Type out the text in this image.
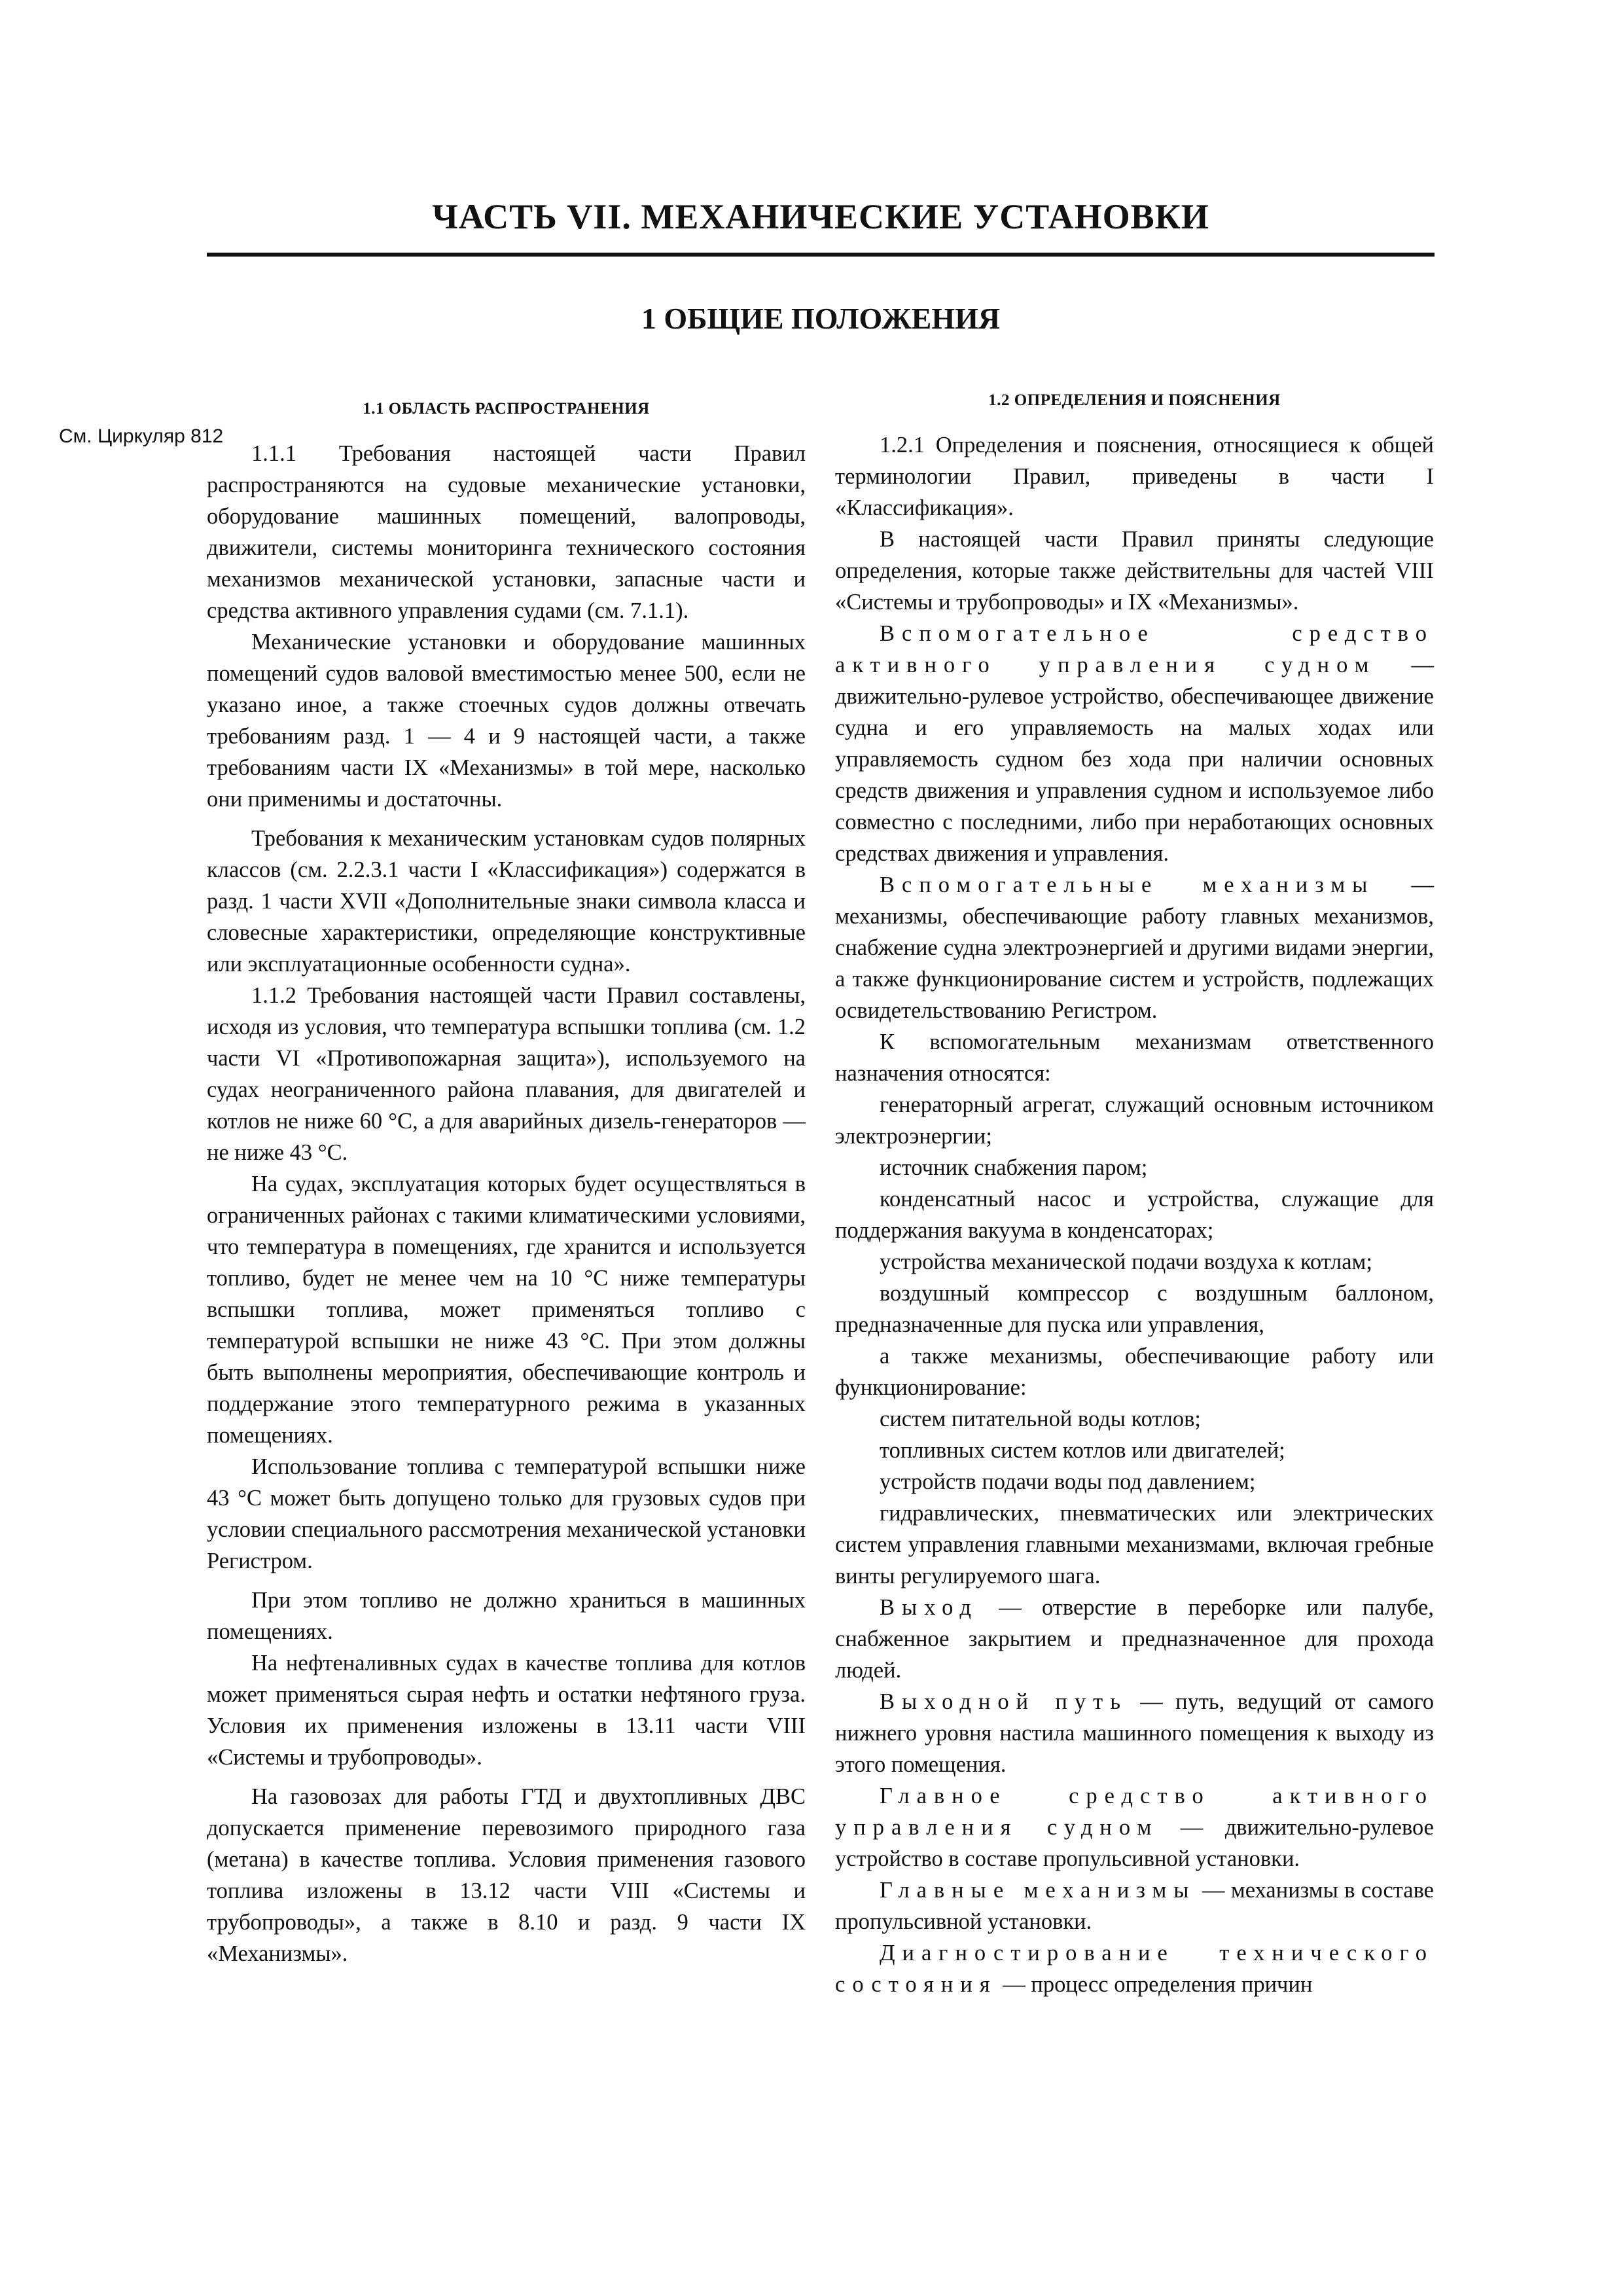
ЧАСТЬ VII. МЕХАНИЧЕСКИЕ УСТАНОВКИ
1 ОБЩИЕ ПОЛОЖЕНИЯ
См. Циркуляр 812
1.1 ОБЛАСТЬ РАСПРОСТРАНЕНИЯ

1.1.1 Требования настоящей части Правил распространяются на судовые механические установки, оборудование машинных помещений, валопроводы, движители, системы мониторинга технического состояния механизмов механической установки, запасные части и средства активного управления судами (см. 7.1.1).

Механические установки и оборудование машинных помещений судов валовой вместимостью менее 500, если не указано иное, а также стоечных судов должны отвечать требованиям разд. 1 — 4 и 9 настоящей части, а также требованиям части IX «Механизмы» в той мере, насколько они применимы и достаточны.

Требования к механическим установкам судов полярных классов (см. 2.2.3.1 части I «Классификация») содержатся в разд. 1 части XVII «Дополнительные знаки символа класса и словесные характеристики, определяющие конструктивные или эксплуатационные особенности судна».

1.1.2 Требования настоящей части Правил составлены, исходя из условия, что температура вспышки топлива (см. 1.2 части VI «Противопожарная защита»), используемого на судах неограниченного района плавания, для двигателей и котлов не ниже 60 °С, а для аварийных дизель-генераторов — не ниже 43 °С.

На судах, эксплуатация которых будет осуществляться в ограниченных районах с такими климатическими условиями, что температура в помещениях, где хранится и используется топливо, будет не менее чем на 10 °С ниже температуры вспышки топлива, может применяться топливо с температурой вспышки не ниже 43 °С. При этом должны быть выполнены мероприятия, обеспечивающие контроль и поддержание этого температурного режима в указанных помещениях.

Использование топлива с температурой вспышки ниже 43 °С может быть допущено только для грузовых судов при условии специального рассмотрения механической установки Регистром.

При этом топливо не должно храниться в машинных помещениях.

На нефтеналивных судах в качестве топлива для котлов может применяться сырая нефть и остатки нефтяного груза. Условия их применения изложены в 13.11 части VIII «Системы и трубопроводы».

На газовозах для работы ГТД и двухтопливных ДВС допускается применение перевозимого природного газа (метана) в качестве топлива. Условия применения газового топлива изложены в 13.12 части VIII «Системы и трубопроводы», а также в 8.10 и разд. 9 части IX «Механизмы».

1.2 ОПРЕДЕЛЕНИЯ И ПОЯСНЕНИЯ

1.2.1 Определения и пояснения, относящиеся к общей терминологии Правил, приведены в части I «Классификация».

В настоящей части Правил приняты следующие определения, которые также действительны для частей VIII «Системы и трубопроводы» и IX «Механизмы».

Вспомогательное средство активного управления судном — движительно-рулевое устройство, обеспечивающее движение судна и его управляемость на малых ходах или управляемость судном без хода при наличии основных средств движения и управления судном и используемое либо совместно с последними, либо при неработающих основных средствах движения и управления.

Вспомогательные механизмы — механизмы, обеспечивающие работу главных механизмов, снабжение судна электроэнергией и другими видами энергии, а также функционирование систем и устройств, подлежащих освидетельствованию Регистром.

К вспомогательным механизмам ответственного назначения относятся:

генераторный агрегат, служащий основным источником электроэнергии;

источник снабжения паром;

конденсатный насос и устройства, служащие для поддержания вакуума в конденсаторах;

устройства механической подачи воздуха к котлам;

воздушный компрессор с воздушным баллоном, предназначенные для пуска или управления,

а также механизмы, обеспечивающие работу или функционирование:

систем питательной воды котлов;

топливных систем котлов или двигателей;

устройств подачи воды под давлением;

гидравлических, пневматических или электрических систем управления главными механизмами, включая гребные винты регулируемого шага.

Выход — отверстие в переборке или палубе, снабженное закрытием и предназначенное для прохода людей.

Выходной путь — путь, ведущий от самого нижнего уровня настила машинного помещения к выходу из этого помещения.

Главное средство активного управления судном — движительно-рулевое устройство в составе пропульсивной установки.

Главные механизмы — механизмы в составе пропульсивной установки.

Диагностирование технического состояния — процесс определения причин
